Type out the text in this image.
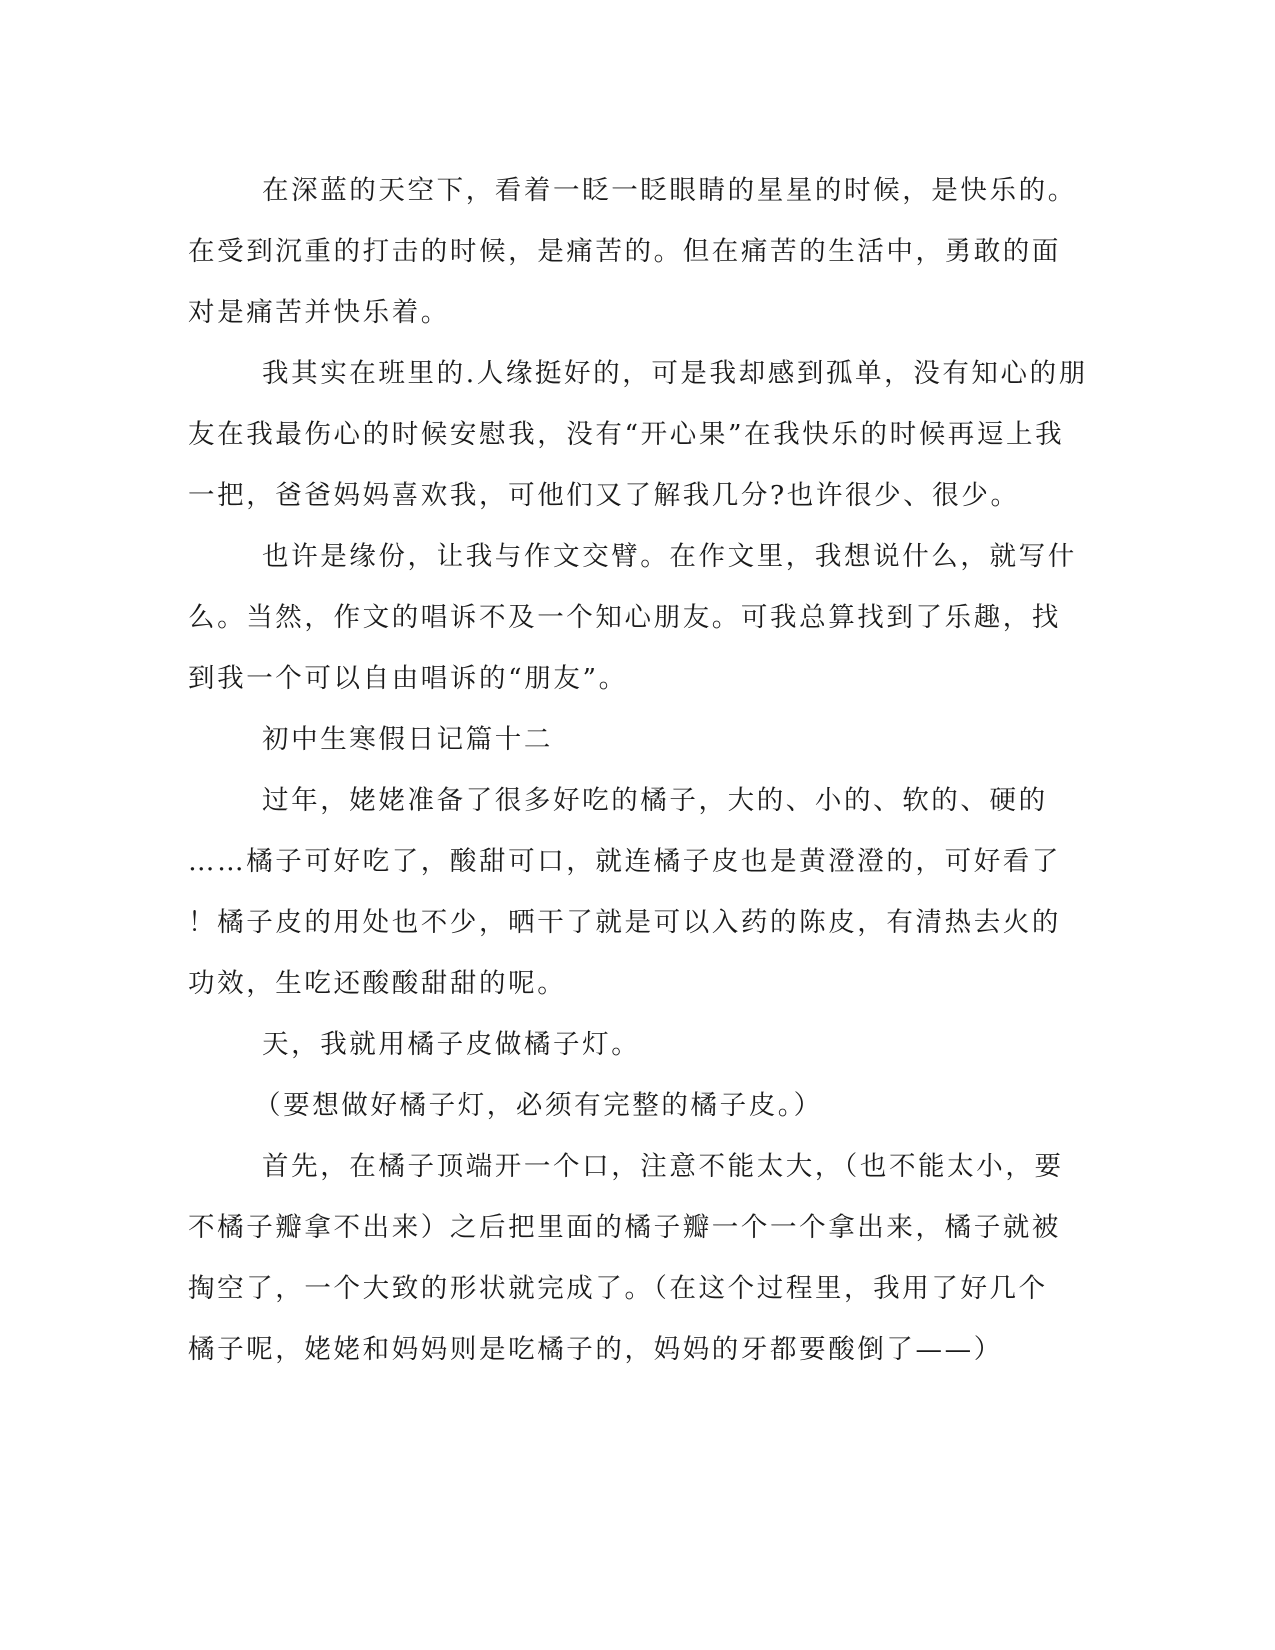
在深蓝的天空下，看着一眨一眨眼睛的星星的时候，是快乐的。
在受到沉重的打击的时候，是痛苦的。但在痛苦的生活中，勇敢的面
对是痛苦并快乐着。

我其实在班里的.人缘挺好的，可是我却感到孤单，没有知心的朋
友在我最伤心的时候安慰我，没有“开心果”在我快乐的时候再逗上我
一把，爸爸妈妈喜欢我，可他们又了解我几分?也许很少、很少。

也许是缘份，让我与作文交臂。在作文里，我想说什么，就写什
么。当然，作文的唱诉不及一个知心朋友。可我总算找到了乐趣，找
到我一个可以自由唱诉的“朋友”。

初中生寒假日记篇十二

过年，姥姥准备了很多好吃的橘子，大的、小的、软的、硬的
……橘子可好吃了，酸甜可口，就连橘子皮也是黄澄澄的，可好看了
！橘子皮的用处也不少，晒干了就是可以入药的陈皮，有清热去火的
功效，生吃还酸酸甜甜的呢。

天，我就用橘子皮做橘子灯。

（要想做好橘子灯，必须有完整的橘子皮。）

首先，在橘子顶端开一个口，注意不能太大，（也不能太小，要
不橘子瓣拿不出来）之后把里面的橘子瓣一个一个拿出来，橘子就被
掏空了，一个大致的形状就完成了。（在这个过程里，我用了好几个
橘子呢，姥姥和妈妈则是吃橘子的，妈妈的牙都要酸倒了——）
